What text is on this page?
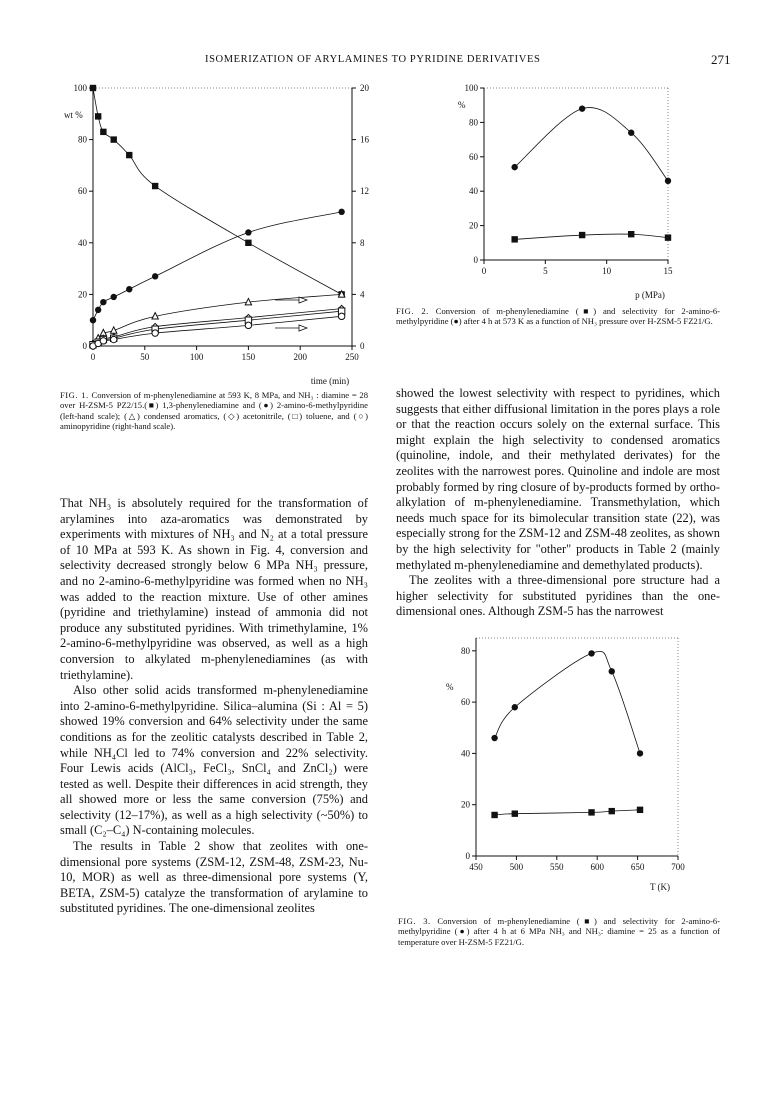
ISOMERIZATION OF ARYLAMINES TO PYRIDINE DERIVATIVES	271
0	50	100	150	200	250
0
20
40
60
80
100
0
4
8
12
16
20
wt %
time (min)
FIG. 1. Conversion of m-phenylenediamine at 593 K, 8 MPa, and NH₃ : diamine = 28 over H-ZSM-5 PZ2/15.(■) 1,3-phenylenediamine and (●) 2-amino-6-methylpyridine (left-hand scale); (△) condensed aromatics, (◇) acetonitrile, (□) toluene, and (○) aminopyridine (right-hand scale).
0	5	10	15
0
20
40
60
80
100
%
p (MPa)
FIG. 2. Conversion of m-phenylenediamine (■) and selectivity for 2-amino-6-methylpyridine (●) after 4 h at 573 K as a function of NH₃ pressure over H-ZSM-5 FZ21/G.
450	500	550	600	650	700
0
20
40
60
80
%
T (K)
FIG. 3. Conversion of m-phenylenediamine (■) and selectivity for 2-amino-6-methylpyridine (●) after 4 h at 6 MPa NH₃ and NH₃: diamine = 25 as a function of temperature over H-ZSM-5 FZ21/G.

That NH₃ is absolutely required for the transformation of arylamines into aza-aromatics was demonstrated by experiments with mixtures of NH₃ and N₂ at a total pressure of 10 MPa at 593 K. As shown in Fig. 4, conversion and selectivity decreased strongly below 6 MPa NH₃ pressure, and no 2-amino-6-methylpyridine was formed when no NH₃ was added to the reaction mixture. Use of other amines (pyridine and triethylamine) instead of ammonia did not produce any substituted pyridines. With trimethylamine, 1% 2-amino-6-methylpyridine was observed, as well as a high conversion to alkylated m-phenylenediamines (as with triethylamine).

Also other solid acids transformed m-phenylenediamine into 2-amino-6-methylpyridine. Silica–alumina (Si : Al = 5) showed 19% conversion and 64% selectivity under the same conditions as for the zeolitic catalysts described in Table 2, while NH₄Cl led to 74% conversion and 22% selectivity. Four Lewis acids (AlCl₃, FeCl₃, SnCl₄ and ZnCl₂) were tested as well. Despite their differences in acid strength, they all showed more or less the same conversion (75%) and selectivity (12–17%), as well as a high selectivity (~50%) to small (C₂–C₄) N-containing molecules.

The results in Table 2 show that zeolites with one-dimensional pore systems (ZSM-12, ZSM-48, ZSM-23, Nu-10, MOR) as well as three-dimensional pore systems (Y, BETA, ZSM-5) catalyze the transformation of arylamine to substituted pyridines. The one-dimensional zeolites

showed the lowest selectivity with respect to pyridines, which suggests that either diffusional limitation in the pores plays a role or that the reaction occurs solely on the external surface. This might explain the high selectivity to condensed aromatics (quinoline, indole, and their methylated derivates) for the zeolites with the narrowest pores. Quinoline and indole are most probably formed by ring closure of by-products formed by ortho-alkylation of m-phenylenediamine. Transmethylation, which needs much space for its bimolecular transition state (22), was especially strong for the ZSM-12 and ZSM-48 zeolites, as shown by the high selectivity for "other" products in Table 2 (mainly methylated m-phenylenediamine and demethylated products).

The zeolites with a three-dimensional pore structure had a higher selectivity for substituted pyridines than the one-dimensional ones. Although ZSM-5 has the narrowest
